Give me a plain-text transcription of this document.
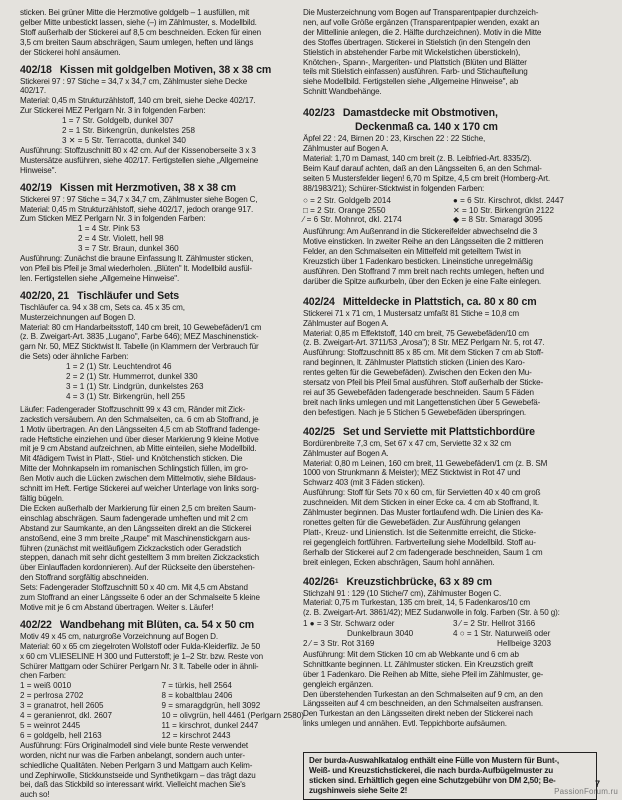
sticken. Bei grüner Mitte die Herzmotive goldgelb – 1 ausfüllen, mit

gelber Mitte unbestickt lassen, siehe (–) im Zählmuster, s. Modellbild.

Stoff außerhalb der Stickerei auf 8,5 cm beschneiden. Ecken für einen

3,5 cm breiten Saum abschrägen, Saum umlegen, heften und längs

der Stickerei hohl ansäumen.

402/18 Kissen mit goldgelben Motiven, 38 x 38 cm

Stickerei 97 : 97 Stiche = 34,7 x 34,7 cm, Zählmuster siehe Decke

402/17.

Material: 0,45 m Strukturzählstoff, 140 cm breit, siehe Decke 402/17.

Zur Stickerei MEZ Perlgarn Nr. 3 in folgenden Farben:

1 = 7 Str. Goldgelb, dunkel 307

2 = 1 Str. Birkengrün, dunkelstes 258

3 ✕ = 5 Str. Terracotta, dunkel 340

Ausführung: Stoffzuschnitt 80 x 42 cm. Auf der Kissenoberseite 3 x 3

Mustersätze ausführen, siehe 402/17. Fertigstellen siehe „Allgemeine

Hinweise".

402/19 Kissen mit Herzmotiven, 38 x 38 cm

Stickerei 97 : 97 Stiche = 34,7 x 34,7 cm, Zählmuster siehe Bogen C,

Material: 0,45 m Strukturzählstoff, siehe 402/17, jedoch orange 917.

Zum Sticken MEZ Perlgarn Nr. 3 in folgenden Farben:

1 = 4 Str. Pink 53

2 = 4 Str. Violett, hell 98

3 = 7 Str. Braun, dunkel 360

Ausführung: Zunächst die braune Einfassung lt. Zählmuster sticken,

von Pfeil bis Pfeil je 3mal wiederholen. „Blüten" lt. Modellbild ausfül-

len. Fertigstellen siehe „Allgemeine Hinweise".

402/20, 21 Tischläufer und Sets

Tischläufer ca. 94 x 38 cm, Sets ca. 45 x 35 cm,

Musterzeichnungen auf Bogen D.

Material: 80 cm Handarbeitsstoff, 140 cm breit, 10 Gewebefäden/1 cm

(z. B. Zweigart-Art. 3835 „Lugano", Farbe 646); MEZ Maschinenstick-

garn Nr. 50, MEZ Sticktwist lt. Tabelle (in Klammern der Verbrauch für

die Sets) oder ähnliche Farben:

1 = 2 (1) Str. Leuchtendrot 46

2 = 2 (1) Str. Hummerrot, dunkel 330

3 = 1 (1) Str. Lindgrün, dunkelstes 263

4 = 3 (1) Str. Birkengrün, hell 255

Läufer: Fadengerader Stoffzuschnitt 99 x 43 cm, Ränder mit Zick-

zackstich versäubern. An den Schmalseiten, ca. 6 cm ab Stoffrand, je

1 Motiv übertragen. An den Längsseiten 4,5 cm ab Stoffrand fadenge-

rade Heftstiche einziehen und über dieser Markierung 9 kleine Motive

mit je 9 cm Abstand aufzeichnen, ab Mitte einteilen, siehe Modellbild.

Mit 4fädigem Twist in Platt-, Stiel- und Knötchenstich sticken. Die

Mitte der Mohnkapseln im romanischen Schlingstich füllen, im gro-

ßen Motiv auch die Lücken zwischen dem Mittelmotiv, siehe Bildaus-

schnitt im Heft. Fertige Stickerei auf weicher Unterlage von links sorg-

fältig bügeln.

Die Ecken außerhalb der Markierung für einen 2,5 cm breiten Saum-

einschlag abschrägen. Saum fadengerade umheften und mit 2 cm

Abstand zur Saumkante, an den Längsseiten direkt an die Stickerei

anstoßend, eine 3 mm breite „Raupe" mit Maschinenstickgarn aus-

führen (zunächst mit weitläufigem Zickzackstich oder Geradstich

steppen, danach mit sehr dicht gestelltem 3 mm breiten Zickzackstich

über Einlauffaden kordonnieren). Auf der Rückseite den überstehen-

den Stoffrand sorgfältig abschneiden.

Sets: Fadengerader Stoffzuschnitt 50 x 40 cm. Mit 4,5 cm Abstand

zum Stoffrand an einer Längsseite 6 oder an der Schmalseite 5 kleine

Motive mit je 6 cm Abstand übertragen. Weiter s. Läufer!

402/22 Wandbehang mit Blüten, ca. 54 x 50 cm

Motiv 49 x 45 cm, naturgroße Vorzeichnung auf Bogen D.

Material: 60 x 65 cm ziegelroten Wollstoff oder Fulda-Kleiderfilz. Je 50

x 60 cm VLIESELINE H 300 und Futterstoff; je 1–2 Str. bzw. Reste von

Schürer Mattgarn oder Schürer Perlgarn Nr. 3 lt. Tabelle oder in ähnli-

chen Farben:

1 = weiß 0010

2 = perlrosa 2702

3 = granatrot, hell 2605

4 = geranienrot, dkl. 2607

5 = weinrot 2445

6 = goldgelb, hell 2163

7 = türkis, hell 2564

8 = kobaltblau 2406

9 = smaragdgrün, hell 3092

10 = olivgrün, hell 4461 (Perlgarn 2580)

11 = kirschrot, dunkel 2447

12 = kirschrot 2443

Ausführung: Fürs Originalmodell sind viele bunte Reste verwendet

worden, nicht nur was die Farben anbelangt, sondern auch unter-

schiedliche Qualitäten. Neben Perlgarn 3 und Mattgarn auch Kelim-

und Zephirwolle, Stickkunstseide und Synthetikgarn – das trägt dazu

bei, daß das Stickbild so interessant wirkt. Vielleicht machen Sie's

auch so!

Die Musterzeichnung vom Bogen auf Transparentpapier durchzeich-

nen, auf volle Größe ergänzen (Transparentpapier wenden, exakt an

der Mittellinie anlegen, die 2. Hälfte durchzeichnen). Motiv in die Mitte

des Stoffes übertragen. Stickerei in Stielstich (in den Stengeln den

Stielstich in abstehender Farbe mit Wickelstichen überstickeln),

Knötchen-, Spann-, Margeriten- und Plattstich (Blüten und Blätter

teils mit Stielstich einfassen) ausführen. Farb- und Stichaufteilung

siehe Modellbild. Fertigstellen siehe „Allgemeine Hinweise", ab

Schnitt Wandbehänge.

402/23 Damastdecke mit Obstmotiven,
Deckenmaß ca. 140 x 170 cm

Äpfel 22 : 24, Birnen 20 : 23, Kirschen 22 : 22 Stiche,

Zählmuster auf Bogen A.

Material: 1,70 m Damast, 140 cm breit (z. B. Leibfried-Art. 8335/2).

Beim Kauf darauf achten, daß an den Längsseiten 6, an den Schmal-

seiten 5 Mustersfelder liegen! 6,70 m Spitze, 4,5 cm breit (Homberg-Art.

88/1983/21); Schürer-Sticktwist in folgenden Farben:

○ = 2 Str. Goldgelb 2014

□ = 2 Str. Orange 2550

⁄ = 6 Str. Mohnrot, dkl. 2174

● = 6 Str. Kirschrot, dklst. 2447

✕ = 10 Str. Birkengrün 2122

◆ = 8 Str. Smaragd 3095

Ausführung: Am Außenrand in die Stickereifelder abwechselnd die 3

Motive einsticken. In zweiter Reihe an den Längsseiten die 2 mittleren

Felder, an den Schmalseiten ein Mittelfeld mit geteiltem Twist in

Kreuzstich über 1 Fadenkaro besticken. Lineinstiche unregelmäßig

ausführen. Den Stoffrand 7 mm breit nach rechts umlegen, heften und

darüber die Spitze aufkurbeln, über den Ecken je eine Falte einlegen.

402/24 Mitteldecke in Plattstich, ca. 80 x 80 cm

Stickerei 71 x 71 cm, 1 Mustersatz umfaßt 81 Stiche = 10,8 cm

Zählmuster auf Bogen A.

Material: 0,85 m Effektstoff, 140 cm breit, 75 Gewebefäden/10 cm

(z. B. Zweigart-Art. 3711/53 „Arosa"); 8 Str. MEZ Perlgarn Nr. 5, rot 47.

Ausführung: Stoffzuschnitt 85 x 85 cm. Mit dem Sticken 7 cm ab Stoff-

rand beginnen, lt. Zählmuster Plattstich sticken (Linien des Karo-

rentes gelten für die Gewebefäden). Zwischen den Ecken den Mu-

stersatz von Pfeil bis Pfeil 5mal ausführen. Stoff außerhalb der Sticke-

rei auf 35 Gewebefäden fadengerade beschneiden. Saum 5 Fäden

breit nach links umlegen und mit Langettenstichen über 5 Gewebefä-

den befestigen. Nach je 5 Stichen 5 Gewebefäden überspringen.

402/25 Set und Serviette mit Plattstichbordüre

Bordürenbreite 7,3 cm, Set 67 x 47 cm, Serviette 32 x 32 cm

Zählmuster auf Bogen A.

Material: 0,80 m Leinen, 160 cm breit, 11 Gewebefäden/1 cm (z. B. SM

1000 von Strunkmann & Meister); MEZ Sticktwist in Rot 47 und

Schwarz 403 (mit 3 Fäden sticken).

Ausführung: Stoff für Sets 70 x 60 cm, für Servietten 40 x 40 cm groß

zuschneiden. Mit dem Sticken in einer Ecke ca. 4 cm ab Stoffrand, lt.

Zählmuster beginnen. Das Muster fortlaufend wdh. Die Linien des Ka-

ronettes gelten für die Gewebefäden. Zur Ausführung gelangen

Platt-, Kreuz- und Linienstich. Ist die Seitenmitte erreicht, die Sticke-

rei gegengleich fortführen. Farbverteilung siehe Modellbild. Stoff au-

ßerhalb der Stickerei auf 2 cm fadengerade beschneiden, Saum 1 cm

breit einlegen, Ecken abschrägen, Saum hohl annähen.

$402/26^1$ Kreuzstichbrücke, 63 x 89 cm

Stichzahl 91 : 129 (10 Stiche/7 cm), Zählmuster Bogen C.

Material: 0,75 m Turkestan, 135 cm breit, 14, 5 Fadenkaros/10 cm

(z. B. Zweigart-Art. 3861/42); MEZ Sudanwolle in folg. Farben (Str. à 50 g):

1 ● = 3 Str. Schwarz oder

Dunkelbraun 3040

2 ⁄ = 3 Str. Rot 3169

3 ⁄ = 2 Str. Hellrot 3166

4 ○ = 1 Str. Naturweiß oder

Hellbeige 3203

Ausführung: Mit dem Sticken 10 cm ab Webkante und 6 cm ab

Schnittkante beginnen. Lt. Zählmuster sticken. Ein Kreuzstich greift

über 1 Fadenkaro. Die Reihen ab Mitte, siehe Pfeil im Zählmuster, ge-

gengleich ergänzen.

Den überstehenden Turkestan an den Schmalseiten auf 9 cm, an den

Längsseiten auf 4 cm beschneiden, an den Schmalseiten ausfransen.

Den Turkestan an den Längsseiten direkt neben der Stickerei nach

links umlegen und annähen. Evtl. Teppichborte aufsäumen.

Der burda-Auswahlkatalog enthält eine Fülle von Mustern für Bunt-,

Weiß- und Kreuzstichstickerei, die nach burda-Aufbügelmuster zu

sticken sind. Erhältlich gegen eine Schutzgebühr von DM 2,50; Be-

zugshinweis siehe Seite 2!

7
PassionForum.ru
